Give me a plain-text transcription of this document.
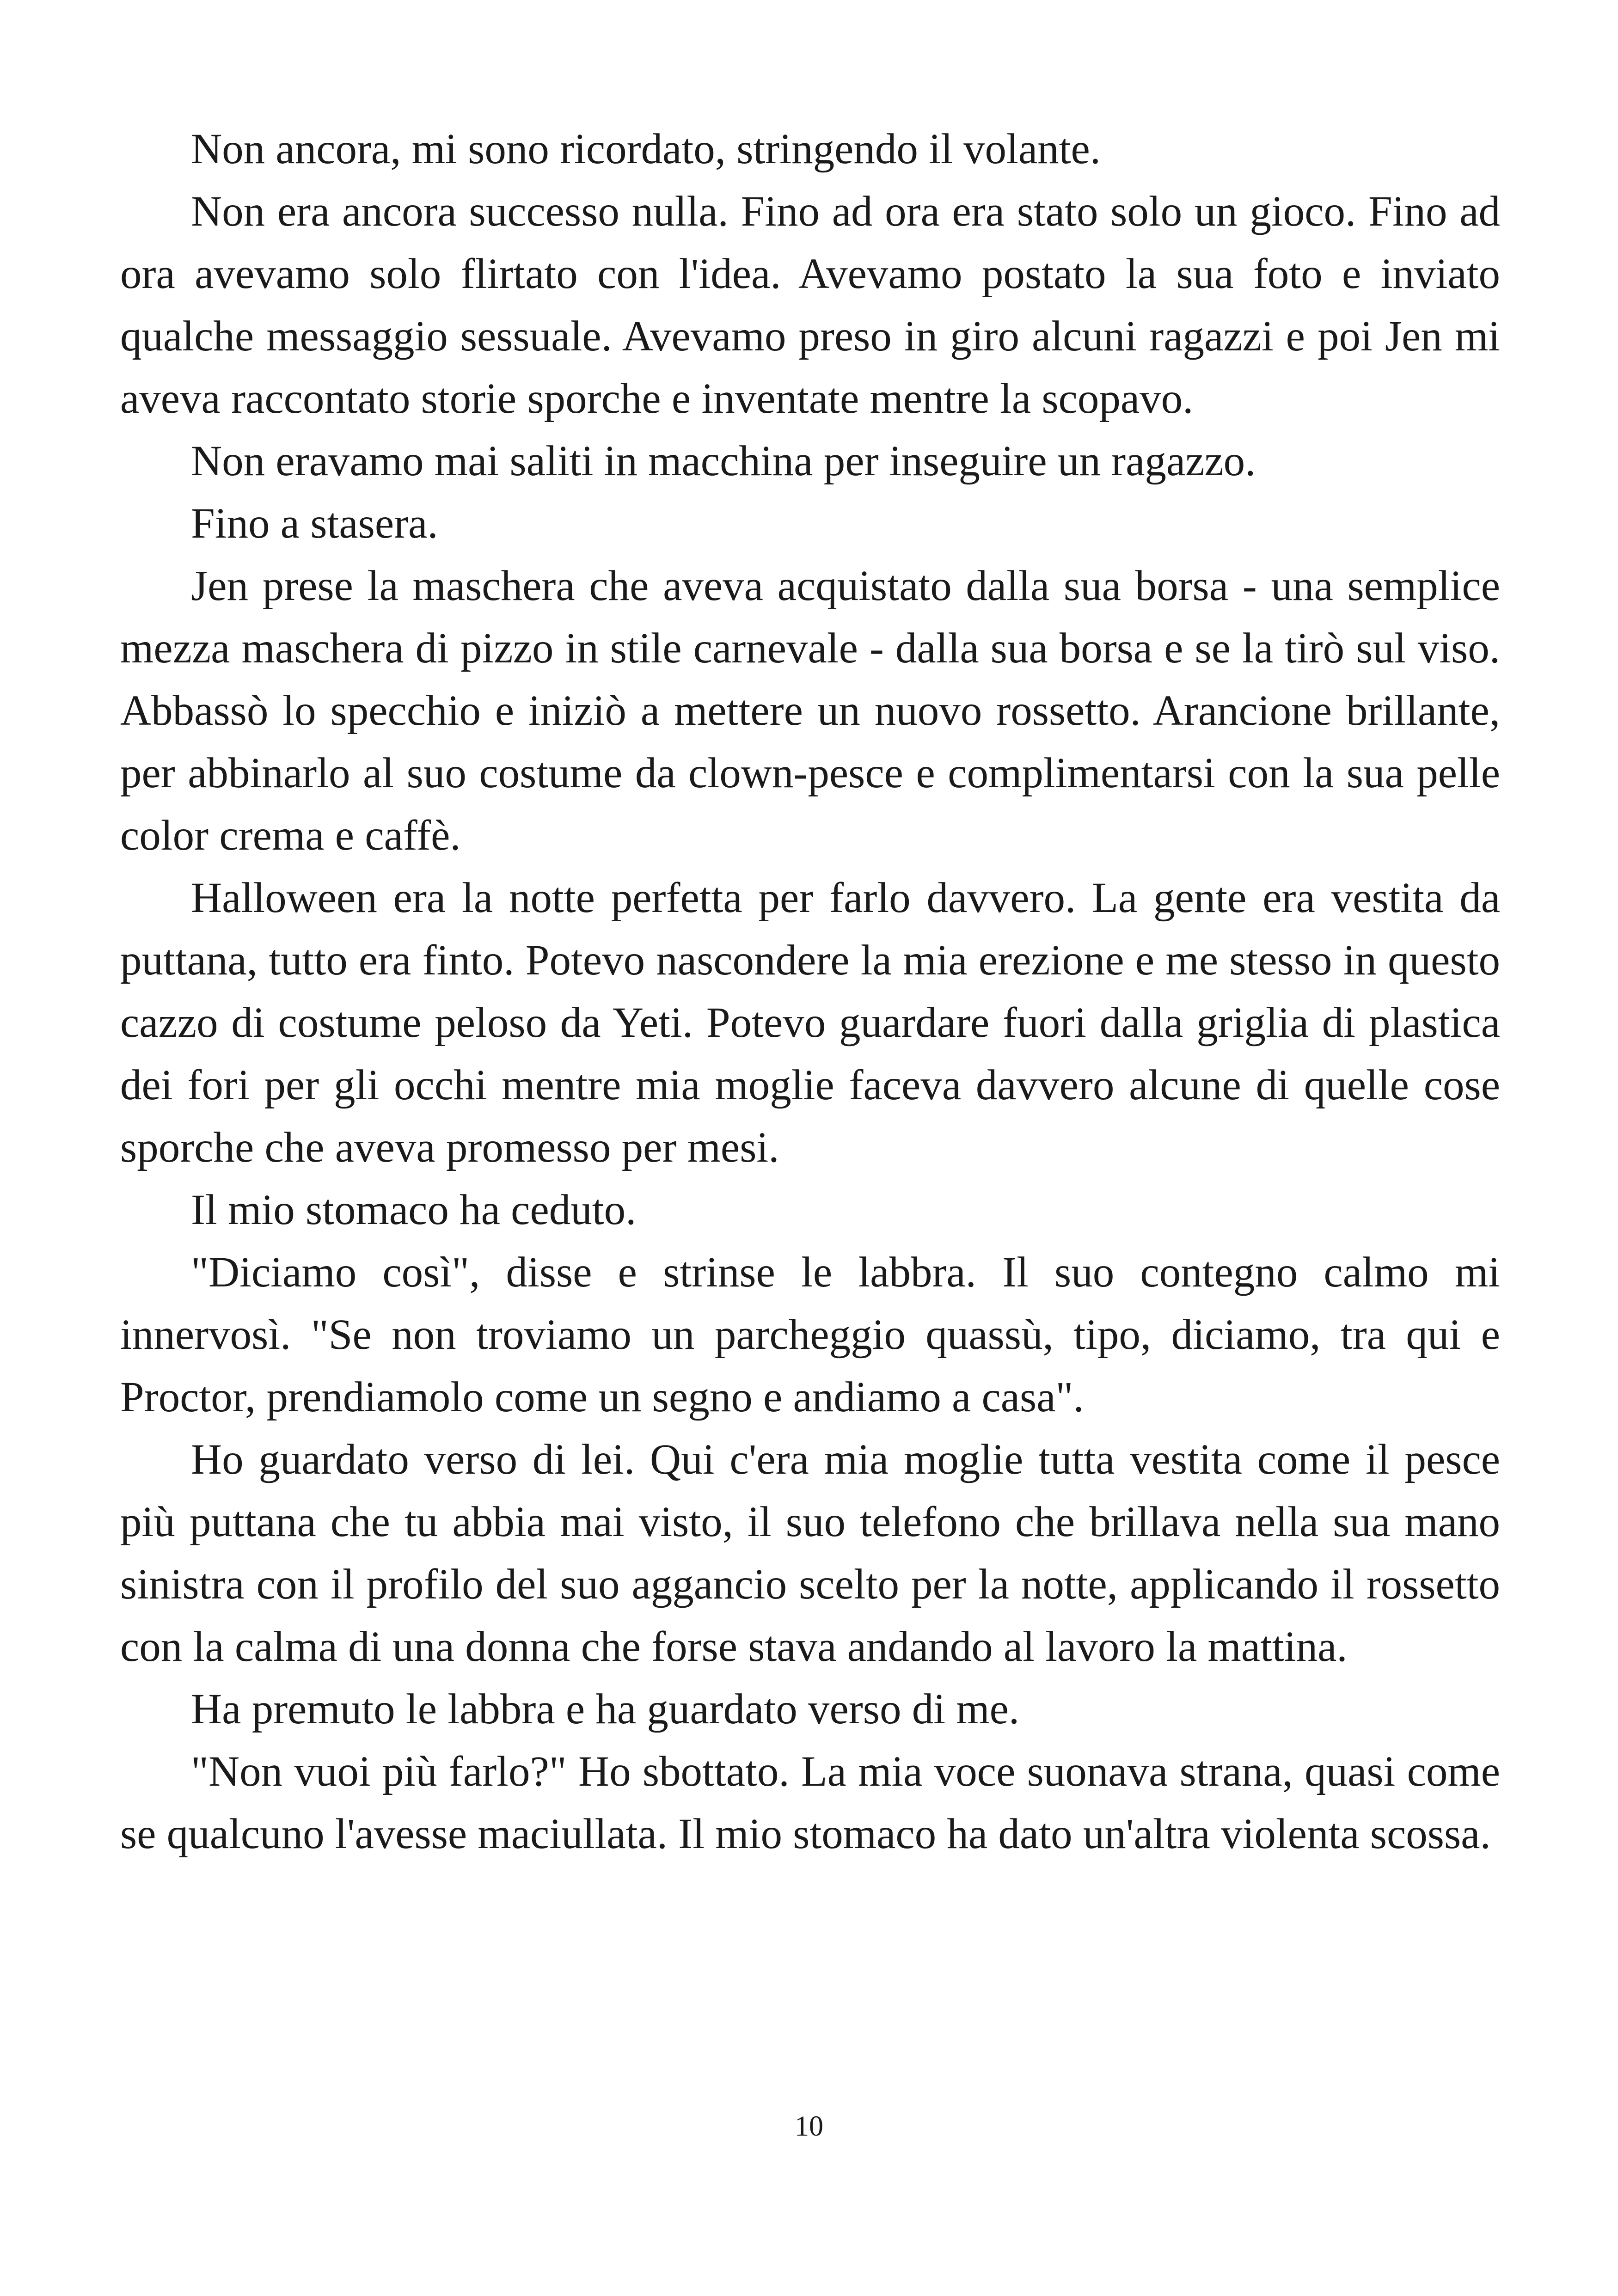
Non ancora, mi sono ricordato, stringendo il volante.

Non era ancora successo nulla. Fino ad ora era stato solo un gioco. Fino ad ora avevamo solo flirtato con l'idea. Avevamo postato la sua foto e inviato qualche messaggio sessuale. Avevamo preso in giro alcuni ragazzi e poi Jen mi aveva raccontato storie sporche e inventate mentre la scopavo.

Non eravamo mai saliti in macchina per inseguire un ragazzo.

Fino a stasera.

Jen prese la maschera che aveva acquistato dalla sua borsa - una semplice mezza maschera di pizzo in stile carnevale - dalla sua borsa e se la tirò sul viso. Abbassò lo specchio e iniziò a mettere un nuovo rossetto. Arancione brillante, per abbinarlo al suo costume da clown-pesce e complimentarsi con la sua pelle color crema e caffè.

Halloween era la notte perfetta per farlo davvero. La gente era vestita da puttana, tutto era finto. Potevo nascondere la mia erezione e me stesso in questo cazzo di costume peloso da Yeti. Potevo guardare fuori dalla griglia di plastica dei fori per gli occhi mentre mia moglie faceva davvero alcune di quelle cose sporche che aveva promesso per mesi.

Il mio stomaco ha ceduto.

"Diciamo così", disse e strinse le labbra. Il suo contegno calmo mi innervosì. "Se non troviamo un parcheggio quassù, tipo, diciamo, tra qui e Proctor, prendiamolo come un segno e andiamo a casa".

Ho guardato verso di lei. Qui c'era mia moglie tutta vestita come il pesce più puttana che tu abbia mai visto, il suo telefono che brillava nella sua mano sinistra con il profilo del suo aggancio scelto per la notte, applicando il rossetto con la calma di una donna che forse stava andando al lavoro la mattina.

Ha premuto le labbra e ha guardato verso di me.

"Non vuoi più farlo?" Ho sbottato. La mia voce suonava strana, quasi come se qualcuno l'avesse maciullata. Il mio stomaco ha dato un'altra violenta scossa.

10
